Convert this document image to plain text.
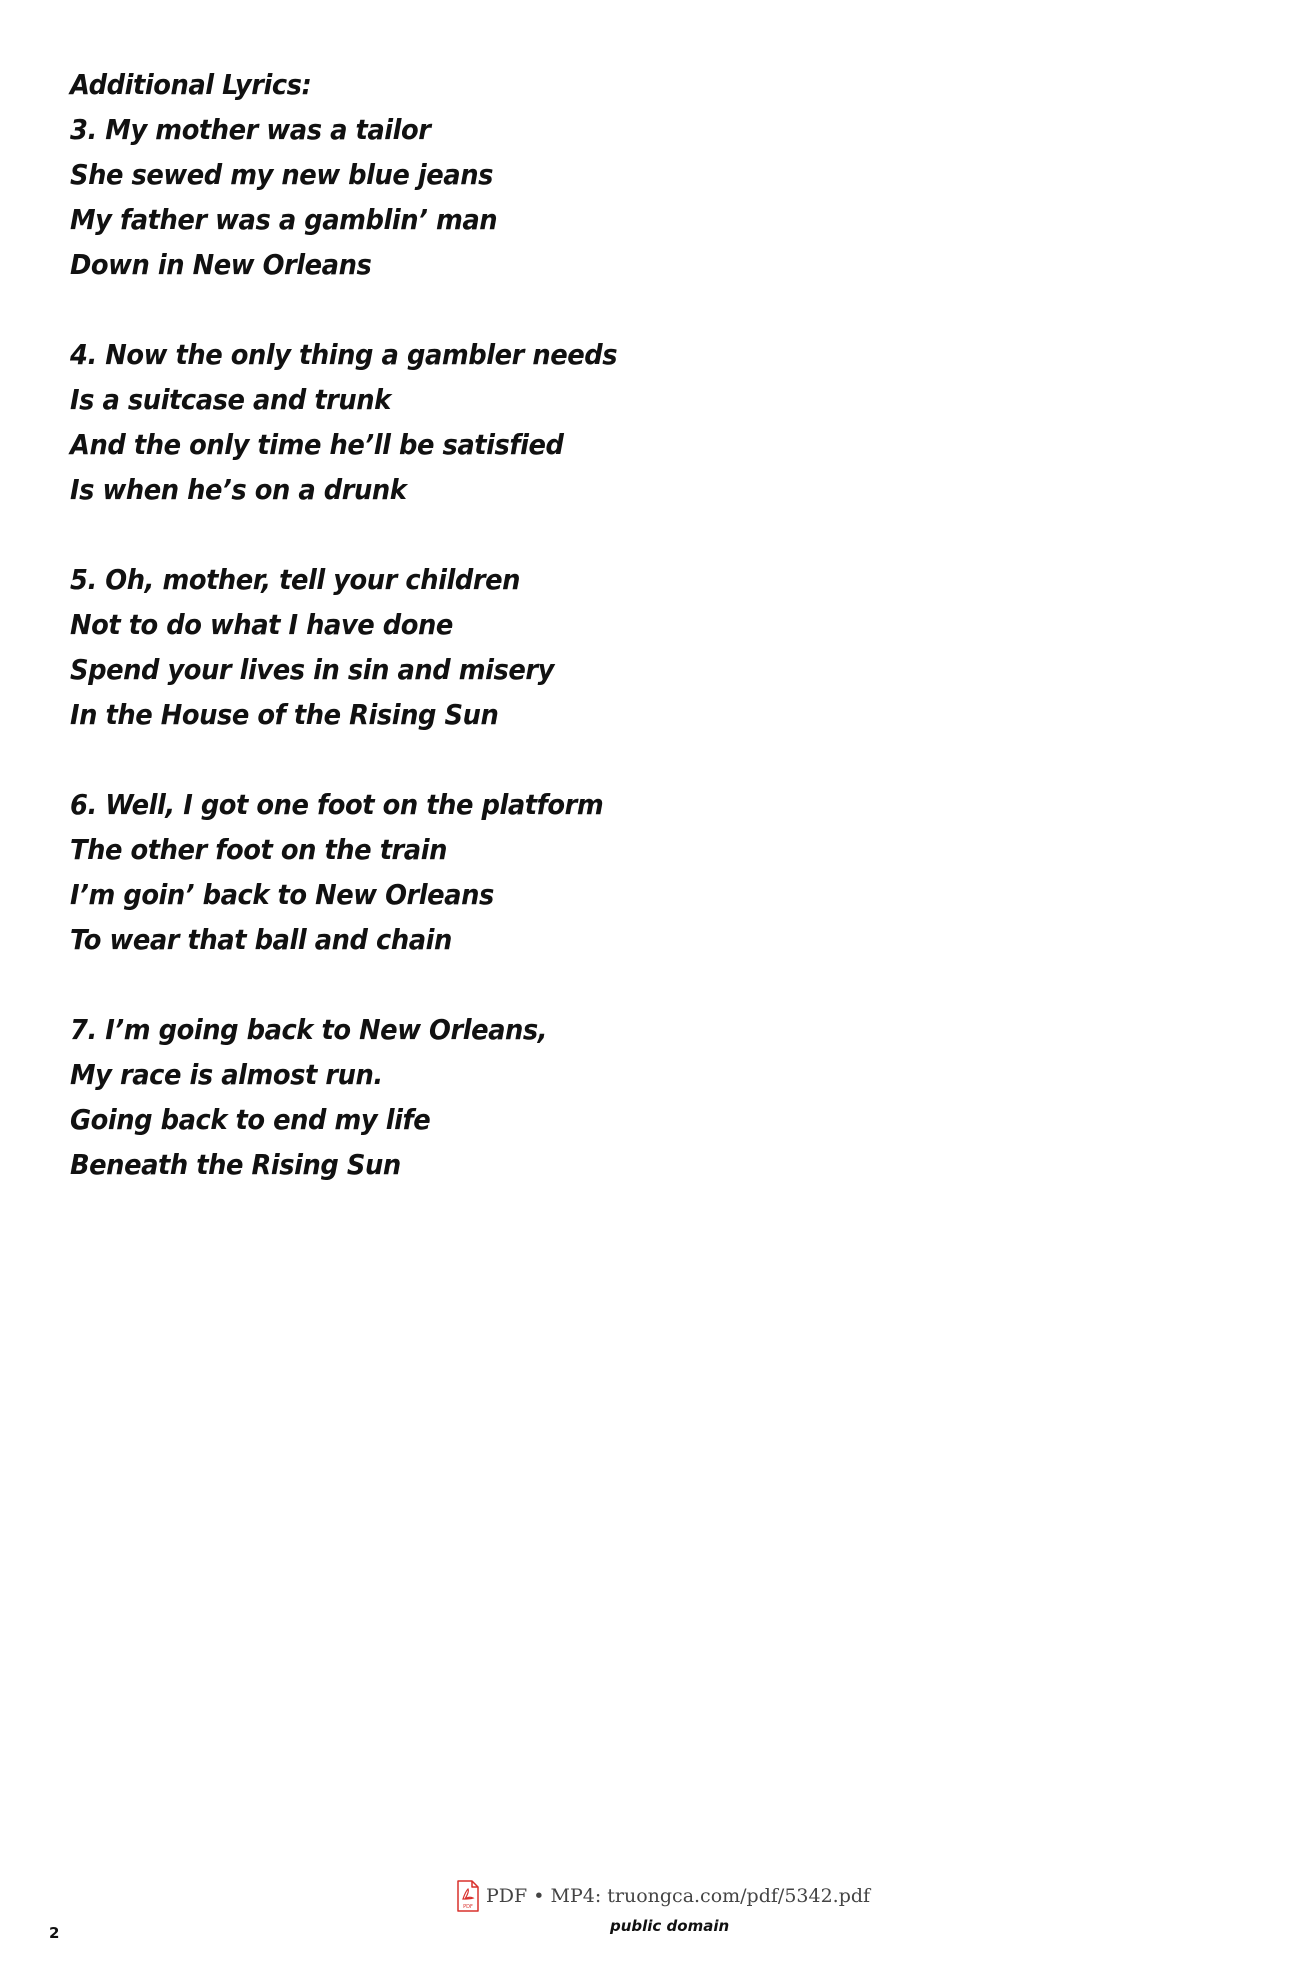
Additional Lyrics:
3. My mother was a tailor
She sewed my new blue jeans
My father was a gamblin’ man
Down in New Orleans
4. Now the only thing a gambler needs
Is a suitcase and trunk
And the only time he’ll be satisfied
Is when he’s on a drunk
5. Oh, mother, tell your children
Not to do what I have done
Spend your lives in sin and misery
In the House of the Rising Sun
6. Well, I got one foot on the platform
The other foot on the train
I’m goin’ back to New Orleans
To wear that ball and chain
7. I’m going back to New Orleans,
My race is almost run.
Going back to end my life
Beneath the Rising Sun
PDF PDF • MP4: truongca.com/pdf/5342.pdf
2	public domain
